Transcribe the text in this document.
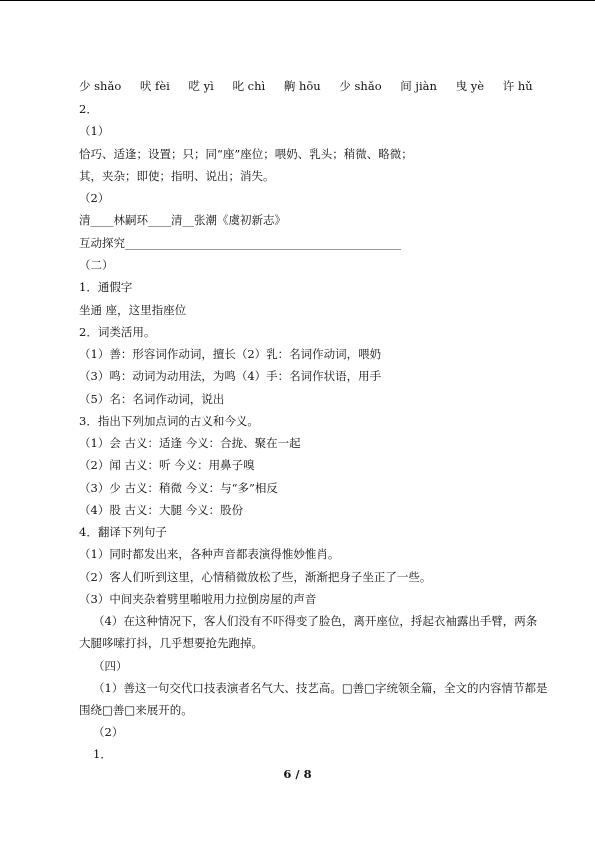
少 shǎo 吠 fèi 呓 yì 叱 chì 齁 hōu 少 shǎo 间 jiàn 曳 yè 许 hǔ
2．
（1）
恰巧、适逢；设置；只；同“座”座位；喂奶、乳头；稍微、略微；
其，夹杂；即使；指明、说出；消失。
（2）
清____林嗣环____清__张潮《虞初新志》
互动探究________________________________________________
（二）
1．通假字
坐通 座，这里指座位
2．词类活用。
（1）善：形容词作动词，擅长（2）乳：名词作动词，喂奶
（3）鸣：动词为动用法，为鸣（4）手：名词作状语，用手
（5）名：名词作动词，说出
3．指出下列加点词的古义和今义。
（1）会 古义：适逢 今义：合拢、聚在一起
（2）闻 古义：听 今义：用鼻子嗅
（3）少 古义：稍微 今义：与“多”相反
（4）股 古义：大腿 今义：股份
4．翻译下列句子
（1）同时都发出来，各种声音都表演得惟妙惟肖。
（2）客人们听到这里，心情稍微放松了些，渐渐把身子坐正了一些。
（3）中间夹杂着劈里啪啦用力拉倒房屋的声音
（4）在这种情况下，客人们没有不吓得变了脸色，离开座位，捋起衣袖露出手臂，两条
大腿哆嗦打抖，几乎想要抢先跑掉。
（四）
（1）善这一句交代口技表演者名气大、技艺高。□善□字统领全篇，全文的内容情节都是
围绕□善□来展开的。
（2）
1．
6 / 8
